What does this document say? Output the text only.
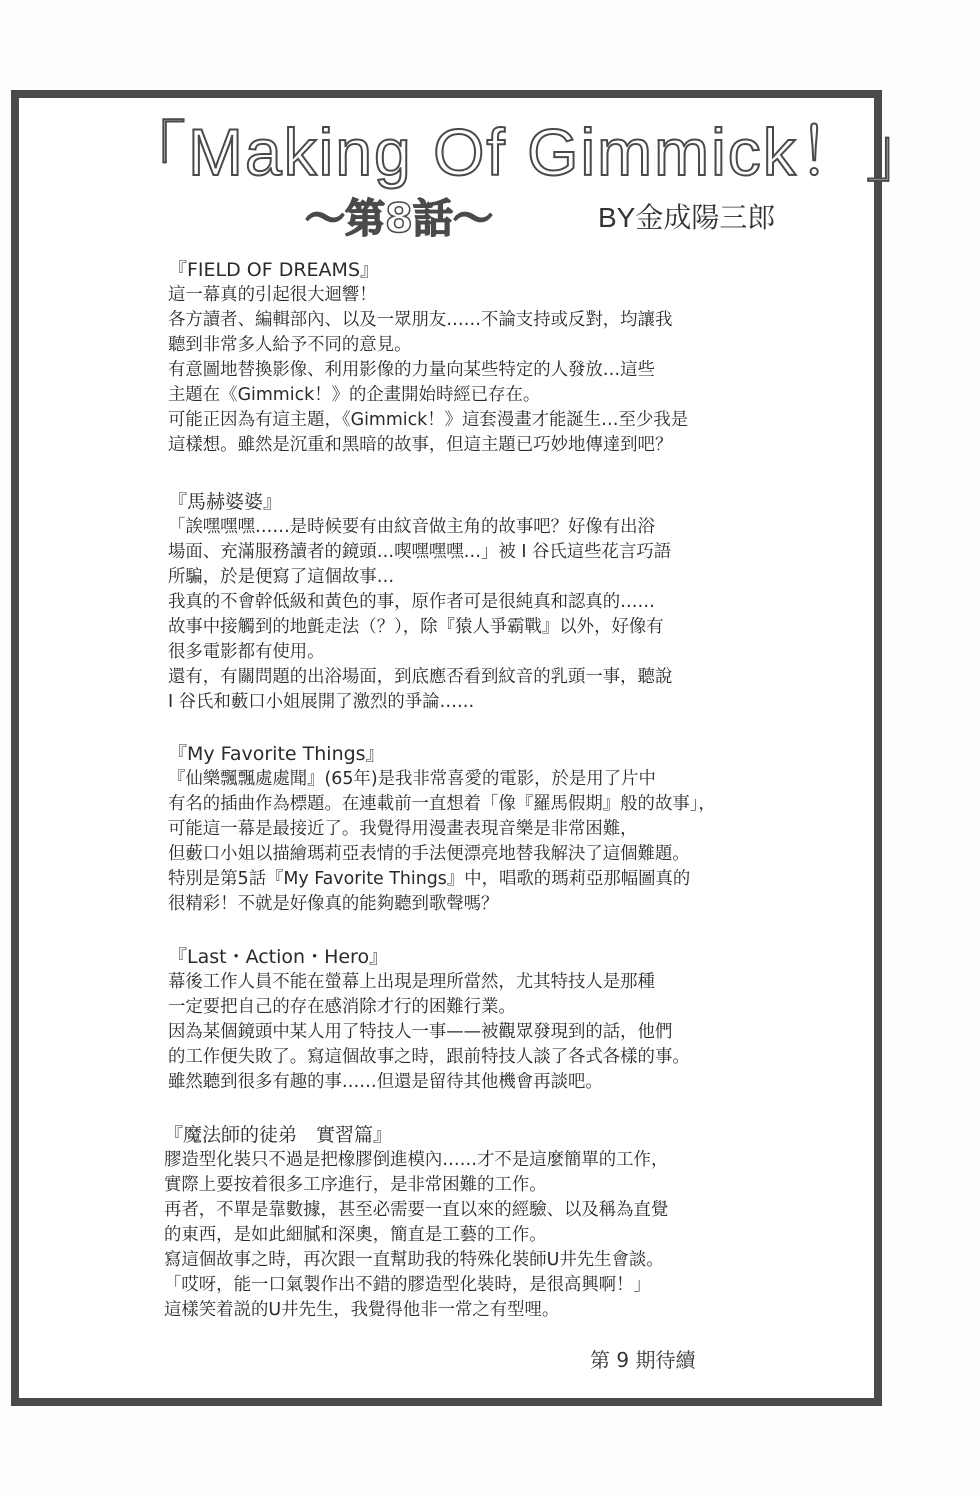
「Making Of Gimmick！」
～第8話～	BY金成陽三郎
『FIELD OF DREAMS』
這一幕真的引起很大迴響！
各方讀者、編輯部內、以及一眾朋友……不論支持或反對，均讓我
聽到非常多人給予不同的意見。
有意圖地替換影像、利用影像的力量向某些特定的人發放…這些
主題在《Gimmick！》的企畫開始時經已存在。
可能正因為有這主題，《Gimmick！》這套漫畫才能誕生…至少我是
這樣想。雖然是沉重和黑暗的故事，但這主題已巧妙地傳達到吧？
『馬赫婆婆』
「誒嘿嘿嘿……是時候要有由紋音做主角的故事吧？好像有出浴
場面、充滿服務讀者的鏡頭…喫嘿嘿嘿…」被 I 谷氏這些花言巧語
所騙，於是便寫了這個故事…
我真的不會幹低級和黃色的事，原作者可是很純真和認真的……
故事中接觸到的地氈走法（？），除『猿人爭霸戰』以外，好像有
很多電影都有使用。
還有，有關問題的出浴場面，到底應否看到紋音的乳頭一事，聽說
I 谷氏和藪口小姐展開了激烈的爭論……
『My Favorite Things』
『仙樂飄飄處處聞』(65年)是我非常喜愛的電影，於是用了片中
有名的插曲作為標題。在連載前一直想着「像『羅馬假期』般的故事」，
可能這一幕是最接近了。我覺得用漫畫表現音樂是非常困難，
但藪口小姐以描繪瑪莉亞表情的手法便漂亮地替我解決了這個難題。
特別是第5話『My Favorite Things』中，唱歌的瑪莉亞那幅圖真的
很精彩！不就是好像真的能夠聽到歌聲嗎？
『Last・Action・Hero』
幕後工作人員不能在螢幕上出現是理所當然，尤其特技人是那種
一定要把自己的存在感消除才行的困難行業。
因為某個鏡頭中某人用了特技人一事——被觀眾發現到的話，他們
的工作便失敗了。寫這個故事之時，跟前特技人談了各式各樣的事。
雖然聽到很多有趣的事……但還是留待其他機會再談吧。
『魔法師的徒弟　實習篇』
膠造型化裝只不過是把橡膠倒進模內……才不是這麼簡單的工作，
實際上要按着很多工序進行，是非常困難的工作。
再者，不單是靠數據，甚至必需要一直以來的經驗、以及稱為直覺
的東西，是如此細膩和深奧，簡直是工藝的工作。
寫這個故事之時，再次跟一直幫助我的特殊化裝師U井先生會談。
「哎呀，能一口氣製作出不錯的膠造型化裝時，是很高興啊！」
這樣笑着説的U井先生，我覺得他非一常之有型哩。
第 9 期待續
